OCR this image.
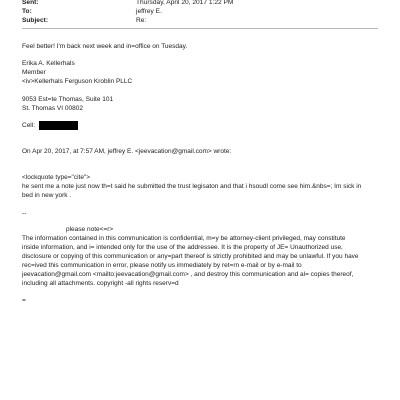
Sent:	Thursday, April 20, 2017 1:22 PM
To:	jeffrey E.
Subject:	Re:
Feel better! I'm back next week and in=office on Tuesday.
Erika A. Kellerhals
Member
<iv>Kellerhals Ferguson Kroblin PLLC
9053 Est=te Thomas, Suite 101
St. Thomas VI 00802
Cell:
On Apr 20, 2017, at 7:57 AM, jeffrey E. <jeevacation@gmail.com> wrote:
<lockquote type="cite">
he sent me a note just now th=t said he submitted the trust legisaton and that i hsoudl come see him.&nbs=; Im sick in
bed in new york .
--
please note<=r>
The information contained in this communication is confidential, m=y be attorney-client privileged, may constitute
inside information, and i= intended only for the use of the addressee. It is the property of JE= Unauthorized use,
disclosure or copying of this communication or any=part thereof is strictly prohibited and may be unlawful. If you have
rec=ived this communication in error, please notify us immediately by ret=rn e-mail or by e-mail to
jeevacation@gmail.com <mailto:jeevacation@gmail.com> , and destroy this communication and al= copies thereof,
including all attachments. copyright -all rights reserv=d
=
